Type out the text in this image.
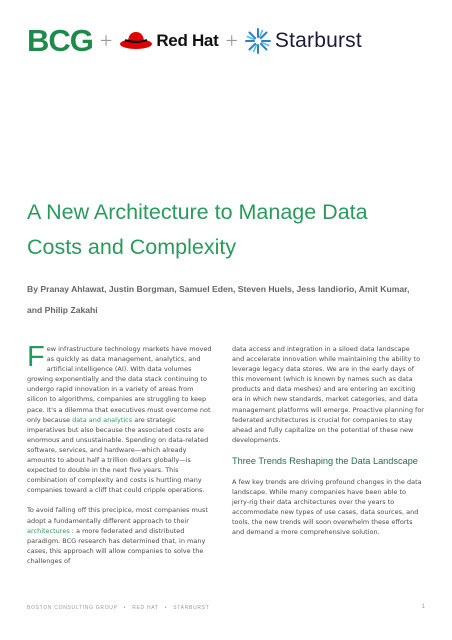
BCG +	Red Hat + Starburst
A New Architecture to Manage Data Costs and Complexity
By Pranay Ahlawat, Justin Borgman, Samuel Eden, Steven Huels, Jess Iandiorio, Amit Kumar, and Philip Zakahi

F ew infrastructure technology markets have moved as quickly as data management, analytics, and artificial intelligence (AI). With data volumes growing exponentially and the data stack continuing to undergo rapid innovation in a variety of areas from silicon to algorithms, companies are struggling to keep pace. It's a dilemma that executives must overcome not only because data and analytics are strategic imperatives but also because the associated costs are enormous and unsustainable. Spending on data-related software, services, and hardware—which already amounts to about half a trillion dollars globally—is expected to double in the next five years. This combination of complexity and costs is hurtling many companies toward a cliff that could cripple operations.

To avoid falling off this precipice, most companies must adopt a fundamentally different approach to their architectures : a more federated and distributed paradigm. BCG research has determined that, in many cases, this approach will allow companies to solve the challenges of

data access and integration in a siloed data landscape and accelerate innovation while maintaining the ability to leverage legacy data stores. We are in the early days of this movement (which is known by names such as data products and data meshes) and are entering an exciting era in which new standards, market categories, and data management platforms will emerge. Proactive planning for federated architectures is crucial for companies to stay ahead and fully capitalize on the potential of these new developments.

Three Trends Reshaping the Data Landscape

A few key trends are driving profound changes in the data landscape. While many companies have been able to jerry-rig their data architectures over the years to accommodate new types of use cases, data sources, and tools, the new trends will soon overwhelm these efforts and demand a more comprehensive solution.

BOSTON CONSULTING GROUP • RED HAT • STARBURST	1
